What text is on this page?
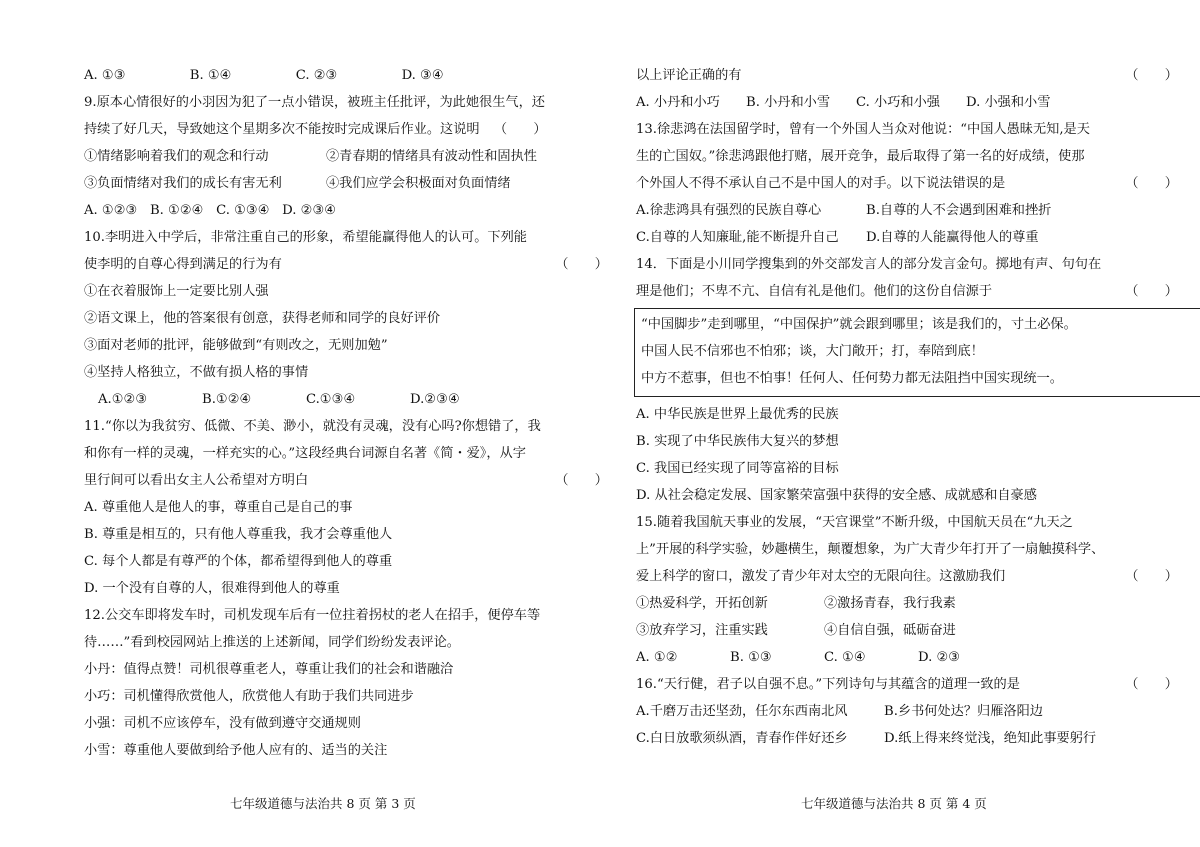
A. ①③	B. ①④	C. ②③	D. ③④
9.原本心情很好的小羽因为犯了一点小错误，被班主任批评，为此她很生气，还
持续了好几天，导致她这个星期多次不能按时完成课后作业。这说明 （　　）
①情绪影响着我们的观念和行动	②青春期的情绪具有波动性和固执性
③负面情绪对我们的成长有害无利	④我们应学会积极面对负面情绪
A. ①②③ B. ①②④ C. ①③④ D. ②③④
10.李明进入中学后，非常注重自己的形象，希望能赢得他人的认可。下列能
使李明的自尊心得到满足的行为有	（　　）
①在衣着服饰上一定要比别人强
②语文课上，他的答案很有创意，获得老师和同学的良好评价
③面对老师的批评，能够做到“有则改之，无则加勉”
④坚持人格独立，不做有损人格的事情
A.①②③	B.①②④	C.①③④	D.②③④
11.“你以为我贫穷、低微、不美、渺小，就没有灵魂，没有心吗?你想错了，我
和你有一样的灵魂，一样充实的心。”这段经典台词源自名著《简・爱》，从字
里行间可以看出女主人公希望对方明白	（　　）
A. 尊重他人是他人的事，尊重自己是自己的事
B. 尊重是相互的，只有他人尊重我，我才会尊重他人
C. 每个人都是有尊严的个体，都希望得到他人的尊重
D. 一个没有自尊的人，很难得到他人的尊重
12.公交车即将发车时，司机发现车后有一位拄着拐杖的老人在招手，便停车等
待……”看到校园网站上推送的上述新闻，同学们纷纷发表评论。
小丹：值得点赞！司机很尊重老人，尊重让我们的社会和谐融洽
小巧：司机懂得欣赏他人，欣赏他人有助于我们共同进步
小强：司机不应该停车，没有做到遵守交通规则
小雪：尊重他人要做到给予他人应有的、适当的关注
七年级道德与法治共 8 页 第 3 页
以上评论正确的有	（　　）
A. 小丹和小巧 B. 小丹和小雪 C. 小巧和小强 D. 小强和小雪
13.徐悲鸿在法国留学时，曾有一个外国人当众对他说：“中国人愚昧无知,是天
生的亡国奴。”徐悲鸿跟他打赌，展开竞争，最后取得了第一名的好成绩，使那
个外国人不得不承认自己不是中国人的对手。以下说法错误的是	（　　）
A.徐悲鸿具有强烈的民族自尊心	B.自尊的人不会遇到困难和挫折
C.自尊的人知廉耻,能不断提升自己 D.自尊的人能赢得他人的尊重
14．下面是小川同学搜集到的外交部发言人的部分发言金句。掷地有声、句句在
理是他们；不卑不亢、自信有礼是他们。他们的这份自信源于	（　　）
“中国脚步”走到哪里，“中国保护”就会跟到哪里；该是我们的，寸土必保。
中国人民不信邪也不怕邪；谈，大门敞开；打，奉陪到底！
中方不惹事，但也不怕事！任何人、任何势力都无法阻挡中国实现统一。
A. 中华民族是世界上最优秀的民族
B. 实现了中华民族伟大复兴的梦想
C. 我国已经实现了同等富裕的目标
D. 从社会稳定发展、国家繁荣富强中获得的安全感、成就感和自豪感
15.随着我国航天事业的发展，“天宫课堂”不断升级，中国航天员在“九天之
上”开展的科学实验，妙趣横生，颠覆想象，为广大青少年打开了一扇触摸科学、
爱上科学的窗口，激发了青少年对太空的无限向往。这激励我们	（　　）
①热爱科学，开拓创新	②激扬青春，我行我素
③放弃学习，注重实践	④自信自强，砥砺奋进
A. ①②	B. ①③	C. ①④	D. ②③
16.“天行健，君子以自强不息。”下列诗句与其蕴含的道理一致的是	（　　）
A.千磨万击还坚劲，任尔东西南北风	B.乡书何处达？归雁洛阳边
C.白日放歌须纵酒，青春作伴好还乡	D.纸上得来终觉浅，绝知此事要躬行
七年级道德与法治共 8 页 第 4 页
